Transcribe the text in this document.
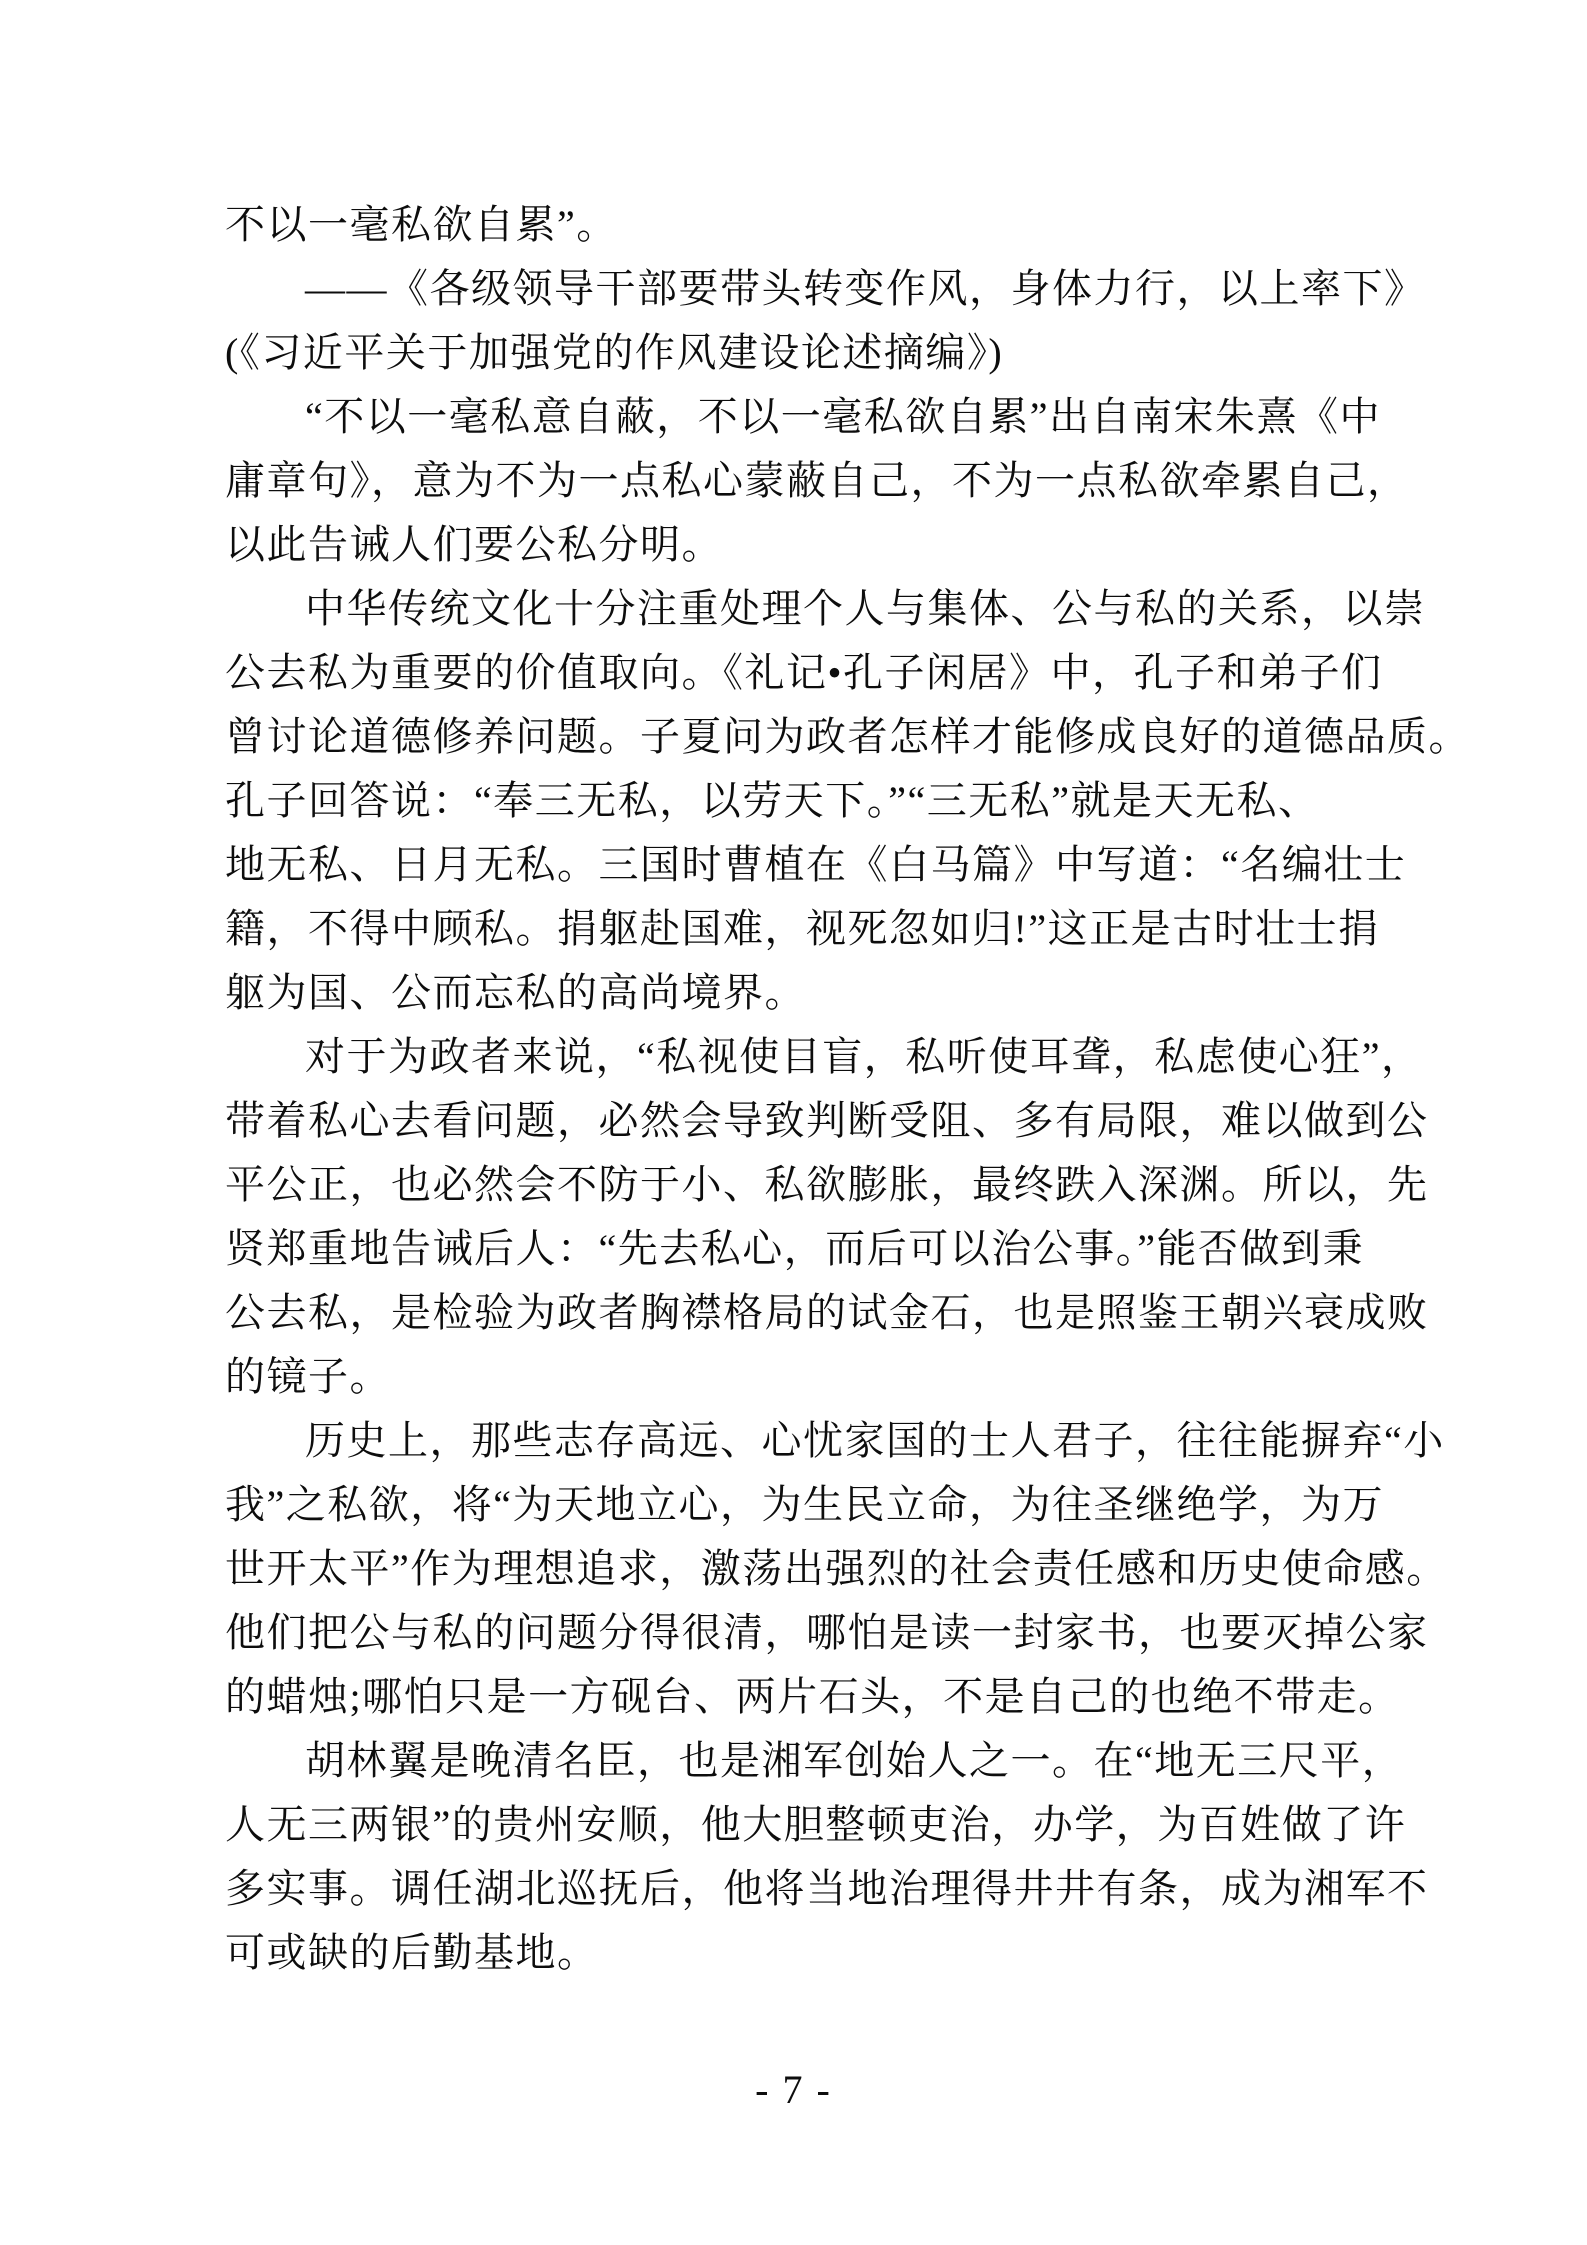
不以一毫私欲自累”。
——《各级领导干部要带头转变作风，身体力行，以上率下》
(《习近平关于加强党的作风建设论述摘编》)
“不以一毫私意自蔽，不以一毫私欲自累”出自南宋朱熹《中
庸章句》，意为不为一点私心蒙蔽自己，不为一点私欲牵累自己，
以此告诫人们要公私分明。
中华传统文化十分注重处理个人与集体、公与私的关系，以崇
公去私为重要的价值取向。《礼记•孔子闲居》中，孔子和弟子们
曾讨论道德修养问题。子夏问为政者怎样才能修成良好的道德品质。
孔子回答说：“奉三无私，以劳天下。”“三无私”就是天无私、
地无私、日月无私。三国时曹植在《白马篇》中写道：“名编壮士
籍，不得中顾私。捐躯赴国难，视死忽如归!”这正是古时壮士捐
躯为国、公而忘私的高尚境界。
对于为政者来说，“私视使目盲，私听使耳聋，私虑使心狂”，
带着私心去看问题，必然会导致判断受阻、多有局限，难以做到公
平公正，也必然会不防于小、私欲膨胀，最终跌入深渊。所以，先
贤郑重地告诫后人：“先去私心，而后可以治公事。”能否做到秉
公去私，是检验为政者胸襟格局的试金石，也是照鉴王朝兴衰成败
的镜子。
历史上，那些志存高远、心忧家国的士人君子，往往能摒弃“小
我”之私欲，将“为天地立心，为生民立命，为往圣继绝学，为万
世开太平”作为理想追求，激荡出强烈的社会责任感和历史使命感。
他们把公与私的问题分得很清，哪怕是读一封家书，也要灭掉公家
的蜡烛;哪怕只是一方砚台、两片石头，不是自己的也绝不带走。
胡林翼是晚清名臣，也是湘军创始人之一。在“地无三尺平，
人无三两银”的贵州安顺，他大胆整顿吏治，办学，为百姓做了许
多实事。调任湖北巡抚后，他将当地治理得井井有条，成为湘军不
可或缺的后勤基地。
- 7 -
